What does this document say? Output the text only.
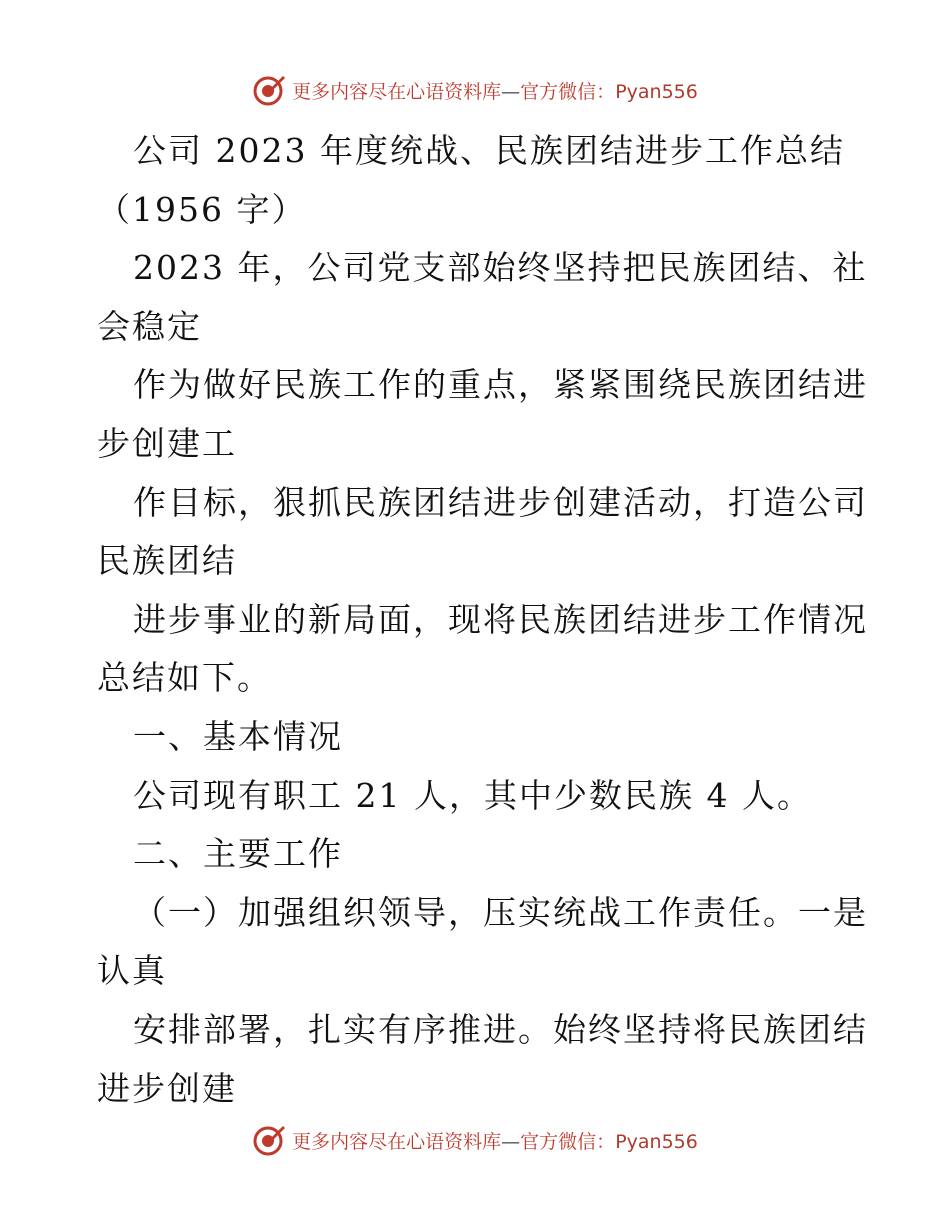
更多内容尽在心语资料库—官方微信：Pyan556
公司 2023 年度统战、民族团结进步工作总结
（1956 字）
2023 年，公司党支部始终坚持把民族团结、社
会稳定
作为做好民族工作的重点，紧紧围绕民族团结进
步创建工
作目标，狠抓民族团结进步创建活动，打造公司
民族团结
进步事业的新局面，现将民族团结进步工作情况
总结如下。
一、基本情况
公司现有职工 21 人，其中少数民族 4 人。
二、主要工作
（一）加强组织领导，压实统战工作责任。一是
认真
安排部署，扎实有序推进。始终坚持将民族团结
进步创建
更多内容尽在心语资料库—官方微信：Pyan556
